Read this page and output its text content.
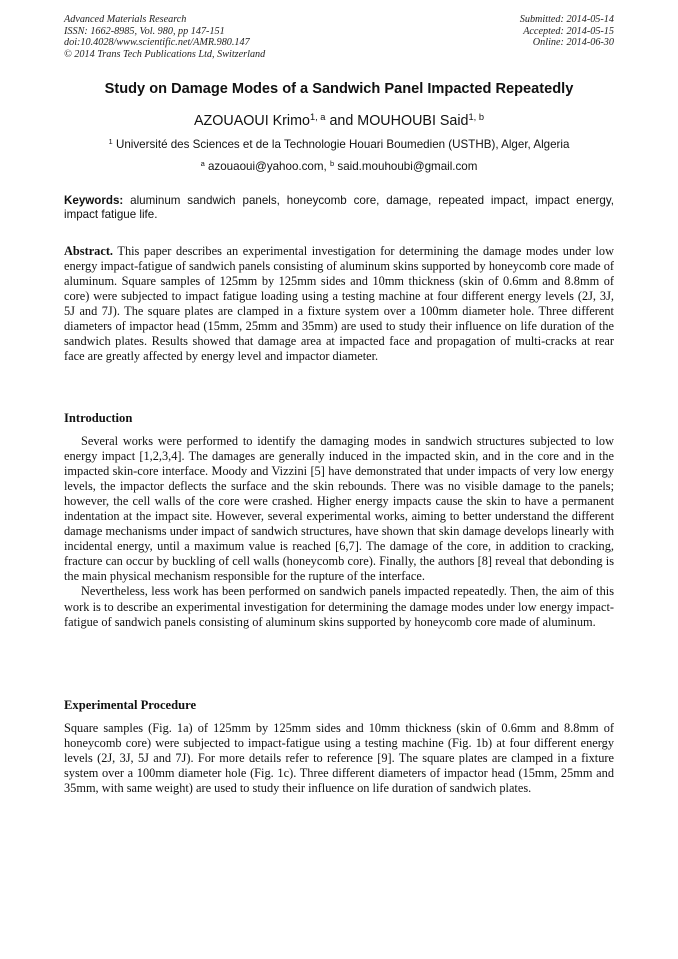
Advanced Materials Research
ISSN: 1662-8985, Vol. 980, pp 147-151
doi:10.4028/www.scientific.net/AMR.980.147
© 2014 Trans Tech Publications Ltd, Switzerland
Submitted: 2014-05-14
Accepted: 2014-05-15
Online: 2014-06-30
Study on Damage Modes of a Sandwich Panel Impacted Repeatedly
AZOUAOUI Krimo$^{1, a}$ and MOUHOUBI Said$^{1, b}$
$^1$ Université des Sciences et de la Technologie Houari Boumedien (USTHB), Alger, Algeria
$^a$ azouaoui@yahoo.com, $^b$ said.mouhoubi@gmail.com
Keywords: aluminum sandwich panels, honeycomb core, damage, repeated impact, impact energy, impact fatigue life.
Abstract. This paper describes an experimental investigation for determining the damage modes under low energy impact-fatigue of sandwich panels consisting of aluminum skins supported by honeycomb core made of aluminum. Square samples of 125mm by 125mm sides and 10mm thickness (skin of 0.6mm and 8.8mm of core) were subjected to impact fatigue loading using a testing machine at four different energy levels (2J, 3J, 5J and 7J). The square plates are clamped in a fixture system over a 100mm diameter hole. Three different diameters of impactor head (15mm, 25mm and 35mm) are used to study their influence on life duration of the sandwich plates. Results showed that damage area at impacted face and propagation of multi-cracks at rear face are greatly affected by energy level and impactor diameter.
Introduction

Several works were performed to identify the damaging modes in sandwich structures subjected to low energy impact [1,2,3,4]. The damages are generally induced in the impacted skin, and in the core and in the impacted skin-core interface. Moody and Vizzini [5] have demonstrated that under impacts of very low energy levels, the impactor deflects the surface and the skin rebounds. There was no visible damage to the panels; however, the cell walls of the core were crashed. Higher energy impacts cause the skin to have a permanent indentation at the impact site. However, several experimental works, aiming to better understand the different damage mechanisms under impact of sandwich structures, have shown that skin damage develops linearly with incidental energy, until a maximum value is reached [6,7]. The damage of the core, in addition to cracking, fracture can occur by buckling of cell walls (honeycomb core). Finally, the authors [8] reveal that debonding is the main physical mechanism responsible for the rupture of the interface.

Nevertheless, less work has been performed on sandwich panels impacted repeatedly. Then, the aim of this work is to describe an experimental investigation for determining the damage modes under low energy impact-fatigue of sandwich panels consisting of aluminum skins supported by honeycomb core made of aluminum.

Experimental Procedure

Square samples (Fig. 1a) of 125mm by 125mm sides and 10mm thickness (skin of 0.6mm and 8.8mm of honeycomb core) were subjected to impact-fatigue using a testing machine (Fig. 1b) at four different energy levels (2J, 3J, 5J and 7J). For more details refer to reference [9]. The square plates are clamped in a fixture system over a 100mm diameter hole (Fig. 1c). Three different diameters of impactor head (15mm, 25mm and 35mm, with same weight) are used to study their influence on life duration of sandwich plates.
